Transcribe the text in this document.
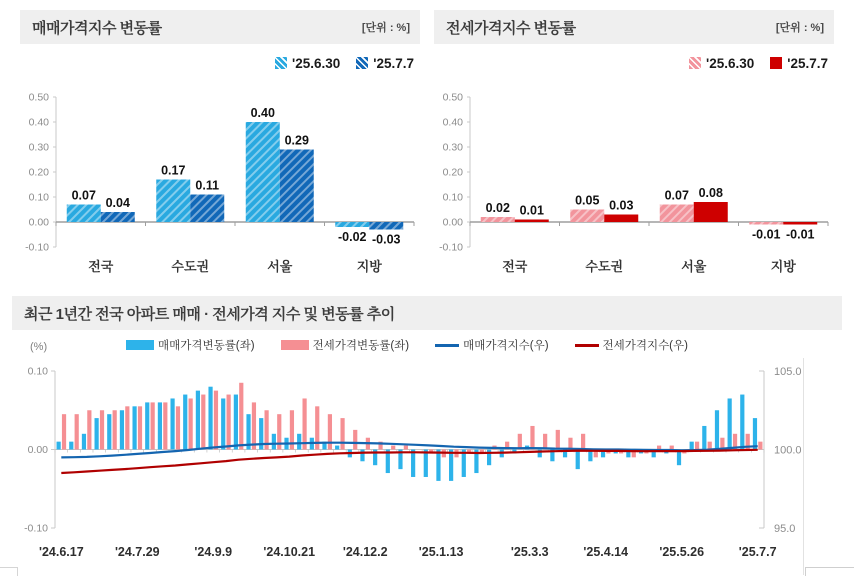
매매가격지수 변동률	[단위 : %]
'25.6.30 '25.7.7
0.50
0.40
0.30
0.20
0.10
0.00
-0.10
전국
0.07
0.04
수도권
0.17
0.11
서울
0.40
0.29
지방
-0.02 -0.03
전세가격지수 변동률	[단위 : %]
'25.6.30 '25.7.7
0.50
0.40
0.30
0.20
0.10
0.00
-0.10
전국
0.02 0.01
수도권
0.05 0.03
서울
0.07 0.08
지방
-0.01 -0.01
최근 1년간 전국 아파트 매매 · 전세가격 지수 및 변동률 추이
(%)	매매가격변동률(좌)	전세가격변동률(좌)	매매가격지수(우)	전세가격지수(우)
0.10
0.00
-0.10
105.0
100.0
95.0
'24.6.17	'24.7.29	'24.9.9	'24.10.21 '24.12.2	'25.1.13	'25.3.3	'25.4.14	'25.5.26	'25.7.7
